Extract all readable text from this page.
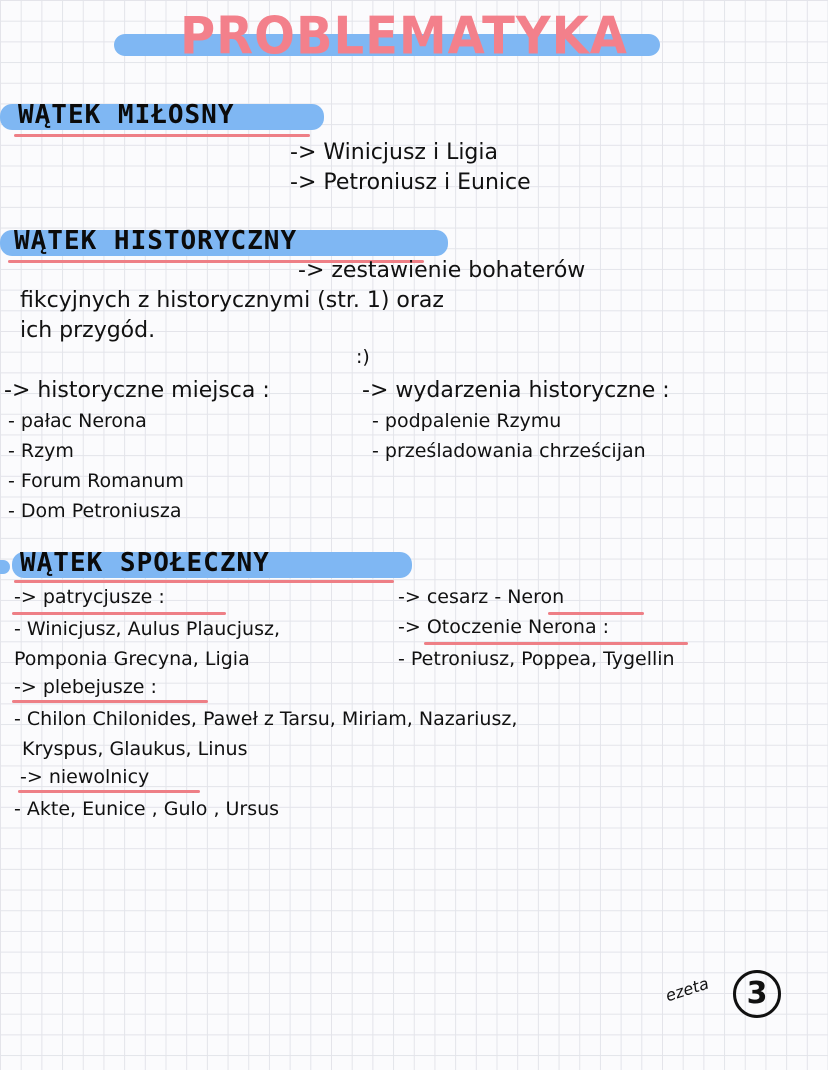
PROBLEMATYKA
WĄTEK MIŁOSNY
-> Winicjusz i Ligia
-> Petroniusz i Eunice
WĄTEK HISTORYCZNY
-> zestawienie bohaterów
fikcyjnych z historycznymi (str. 1) oraz
ich przygód.
:)
-> historyczne miejsca :
- pałac Nerona
- Rzym
- Forum Romanum
- Dom Petroniusza
-> wydarzenia historyczne :
- podpalenie Rzymu
- prześladowania chrześcijan
WĄTEK SPOŁECZNY
-> patrycjusze :
- Winicjusz, Aulus Plaucjusz,
Pomponia Grecyna, Ligia
-> cesarz - Neron
-> Otoczenie Nerona :
- Petroniusz, Poppea, Tygellin
-> plebejusze :
- Chilon Chilonides, Paweł z Tarsu, Miriam, Nazariusz,
Kryspus, Glaukus, Linus
-> niewolnicy
- Akte, Eunice , Gulo , Ursus
ezeta	3
